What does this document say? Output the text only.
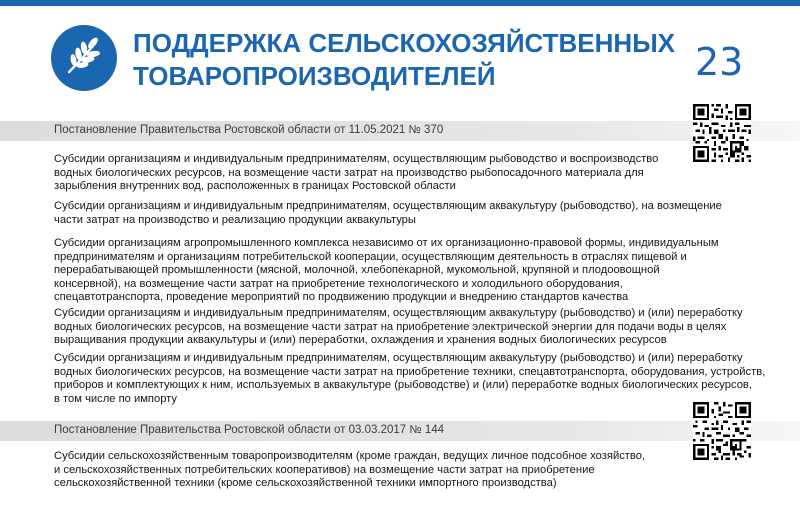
ПОДДЕРЖКА СЕЛЬСКОХОЗЯЙСТВЕННЫХ
ТОВАРОПРОИЗВОДИТЕЛЕЙ	23
Постановление Правительства Ростовской области от 11.05.2021 № 370
Субсидии организациям и индивидуальным предпринимателям, осуществляющим рыбоводство и воспроизводство
водных биологических ресурсов, на возмещение части затрат на производство рыбопосадочного материала для
зарыбления внутренних вод, расположенных в границах Ростовской области
Субсидии организациям и индивидуальным предпринимателям, осуществляющим аквакультуру (рыбоводство), на возмещение
части затрат на производство и реализацию продукции аквакультуры
Субсидии организациям агропромышленного комплекса независимо от их организационно-правовой формы, индивидуальным
предпринимателям и организациям потребительской кооперации, осуществляющим деятельность в отраслях пищевой и
перерабатывающей промышленности (мясной, молочной, хлебопекарной, мукомольной, крупяной и плодоовощной
консервной), на возмещение части затрат на приобретение технологического и холодильного оборудования,
спецавтотранспорта, проведение мероприятий по продвижению продукции и внедрению стандартов качества
Субсидии организациям и индивидуальным предпринимателям, осуществляющим аквакультуру (рыбоводство) и (или) переработку
водных биологических ресурсов, на возмещение части затрат на приобретение электрической энергии для подачи воды в целях
выращивания продукции аквакультуры и (или) переработки, охлаждения и хранения водных биологических ресурсов
Субсидии организациям и индивидуальным предпринимателям, осуществляющим аквакультуру (рыбоводство) и (или) переработку
водных биологических ресурсов, на возмещение части затрат на приобретение техники, спецавтотранспорта, оборудования, устройств,
приборов и комплектующих к ним, используемых в аквакультуре (рыбоводстве) и (или) переработке водных биологических ресурсов,
в том числе по импорту
Постановление Правительства Ростовской области от 03.03.2017 № 144
Субсидии сельскохозяйственным товаропроизводителям (кроме граждан, ведущих личное подсобное хозяйство,
и сельскохозяйственных потребительских кооперативов) на возмещение части затрат на приобретение
сельскохозяйственной техники (кроме сельскохозяйственной техники импортного производства)
